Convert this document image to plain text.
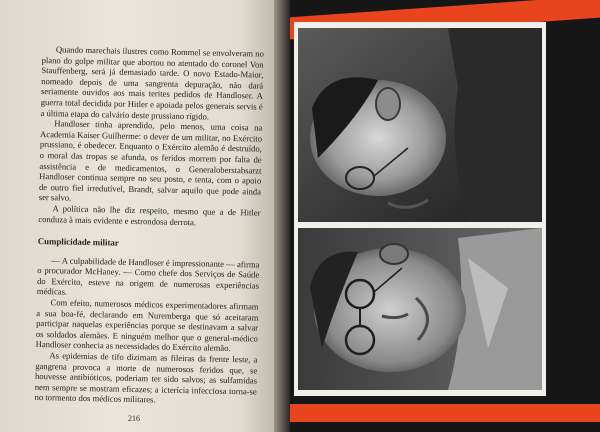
Quando marechais ilustres como Rommel se envolveram no plano do golpe militar que abortou no atentado do coronel Von Stauffenberg, será já demasiado tarde. O novo Estado-Maior, nomeado depois de uma sangrenta depuração, não dará seriamente ouvidos aos mais terites pedidos de Handloser. A guerra total decidida por Hitler e apoiada pelos generais servis é a última etapa do calvário deste prussiano rígido.

Handloser tinha aprendido, pelo menos, uma coisa na Academia Kaiser Guilherme: o dever de um militar, no Exército prussiano, é obedecer. Enquanto o Exército alemão é destruído, o moral das tropas se afunda, os feridos morrem por falta de assistência e de medicamentos, o Generaloberstabsarzt Handloser continua sempre no seu posto, e tenta, com o apoio de outro fiel irredutível, Brandt, salvar aquilo que pode ainda ser salvo.

A política não lhe diz respeito, mesmo que a de Hitler conduza à mais evidente e estrondosa derrota.

Cumplicidade militar

— A culpabilidade de Handloser é impressionante — afirma o procurador McHaney. — Como chefe dos Serviços de Saúde do Exército, esteve na origem de numerosas experiências médicas.

Com efeito, numerosos médicos experimentadores afirmam a sua boa-fé, declarando em Nuremberga que só aceitaram participar naquelas experiências porque se destinavam a salvar os soldados alemães. E ninguém melhor que o general-médico Handloser conhecia as necessidades do Exército alemão.

As epidemias de tifo dizimam as fileiras da frente leste, a gangrena provoca a morte de numerosos feridos que, se houvesse antibióticos, poderiam ter sido salvos; as sulfamidas nem sempre se mostram eficazes; a icterícia infecciosa torna-se no tormento dos médicos militares.

216
